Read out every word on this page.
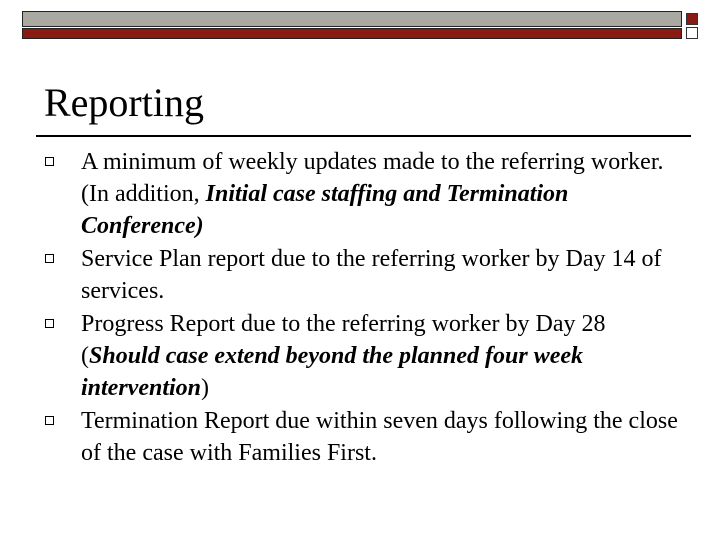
Reporting
A minimum of weekly updates made to the referring worker. (In addition, Initial case staffing and Termination Conference)
Service Plan report due to the referring worker by Day 14 of services.
Progress Report due to the referring worker by Day 28 (Should case extend beyond the planned four week intervention)
Termination Report due within seven days following the close of the case with Families First.
